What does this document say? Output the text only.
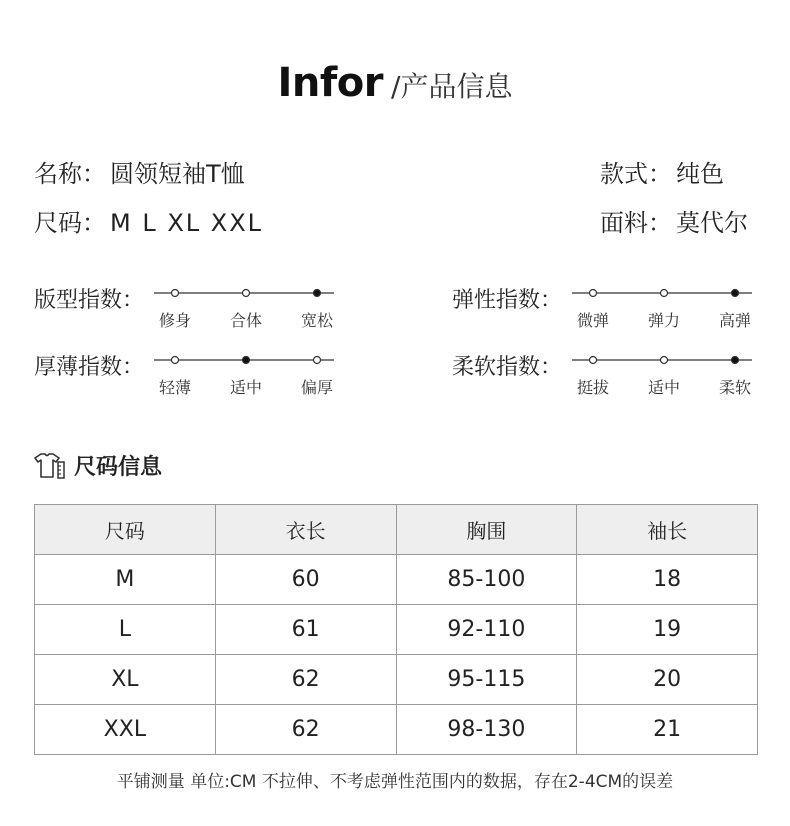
Infor /产品信息
名称： 圆领短袖T恤	款式： 纯色
尺码： M L XL XXL	面料： 莫代尔
版型指数：
修身 合体 宽松
弹性指数：
微弹 弹力 高弹
厚薄指数：
轻薄 适中 偏厚
柔软指数：
挺拔 适中 柔软
尺码信息
尺码	衣长	胸围	袖长
M	60	85-100	18
L	61	92-110	19
XL	62	95-115	20
XXL	62	98-130	21
平铺测量 单位:CM 不拉伸、不考虑弹性范围内的数据，存在2-4CM的误差
